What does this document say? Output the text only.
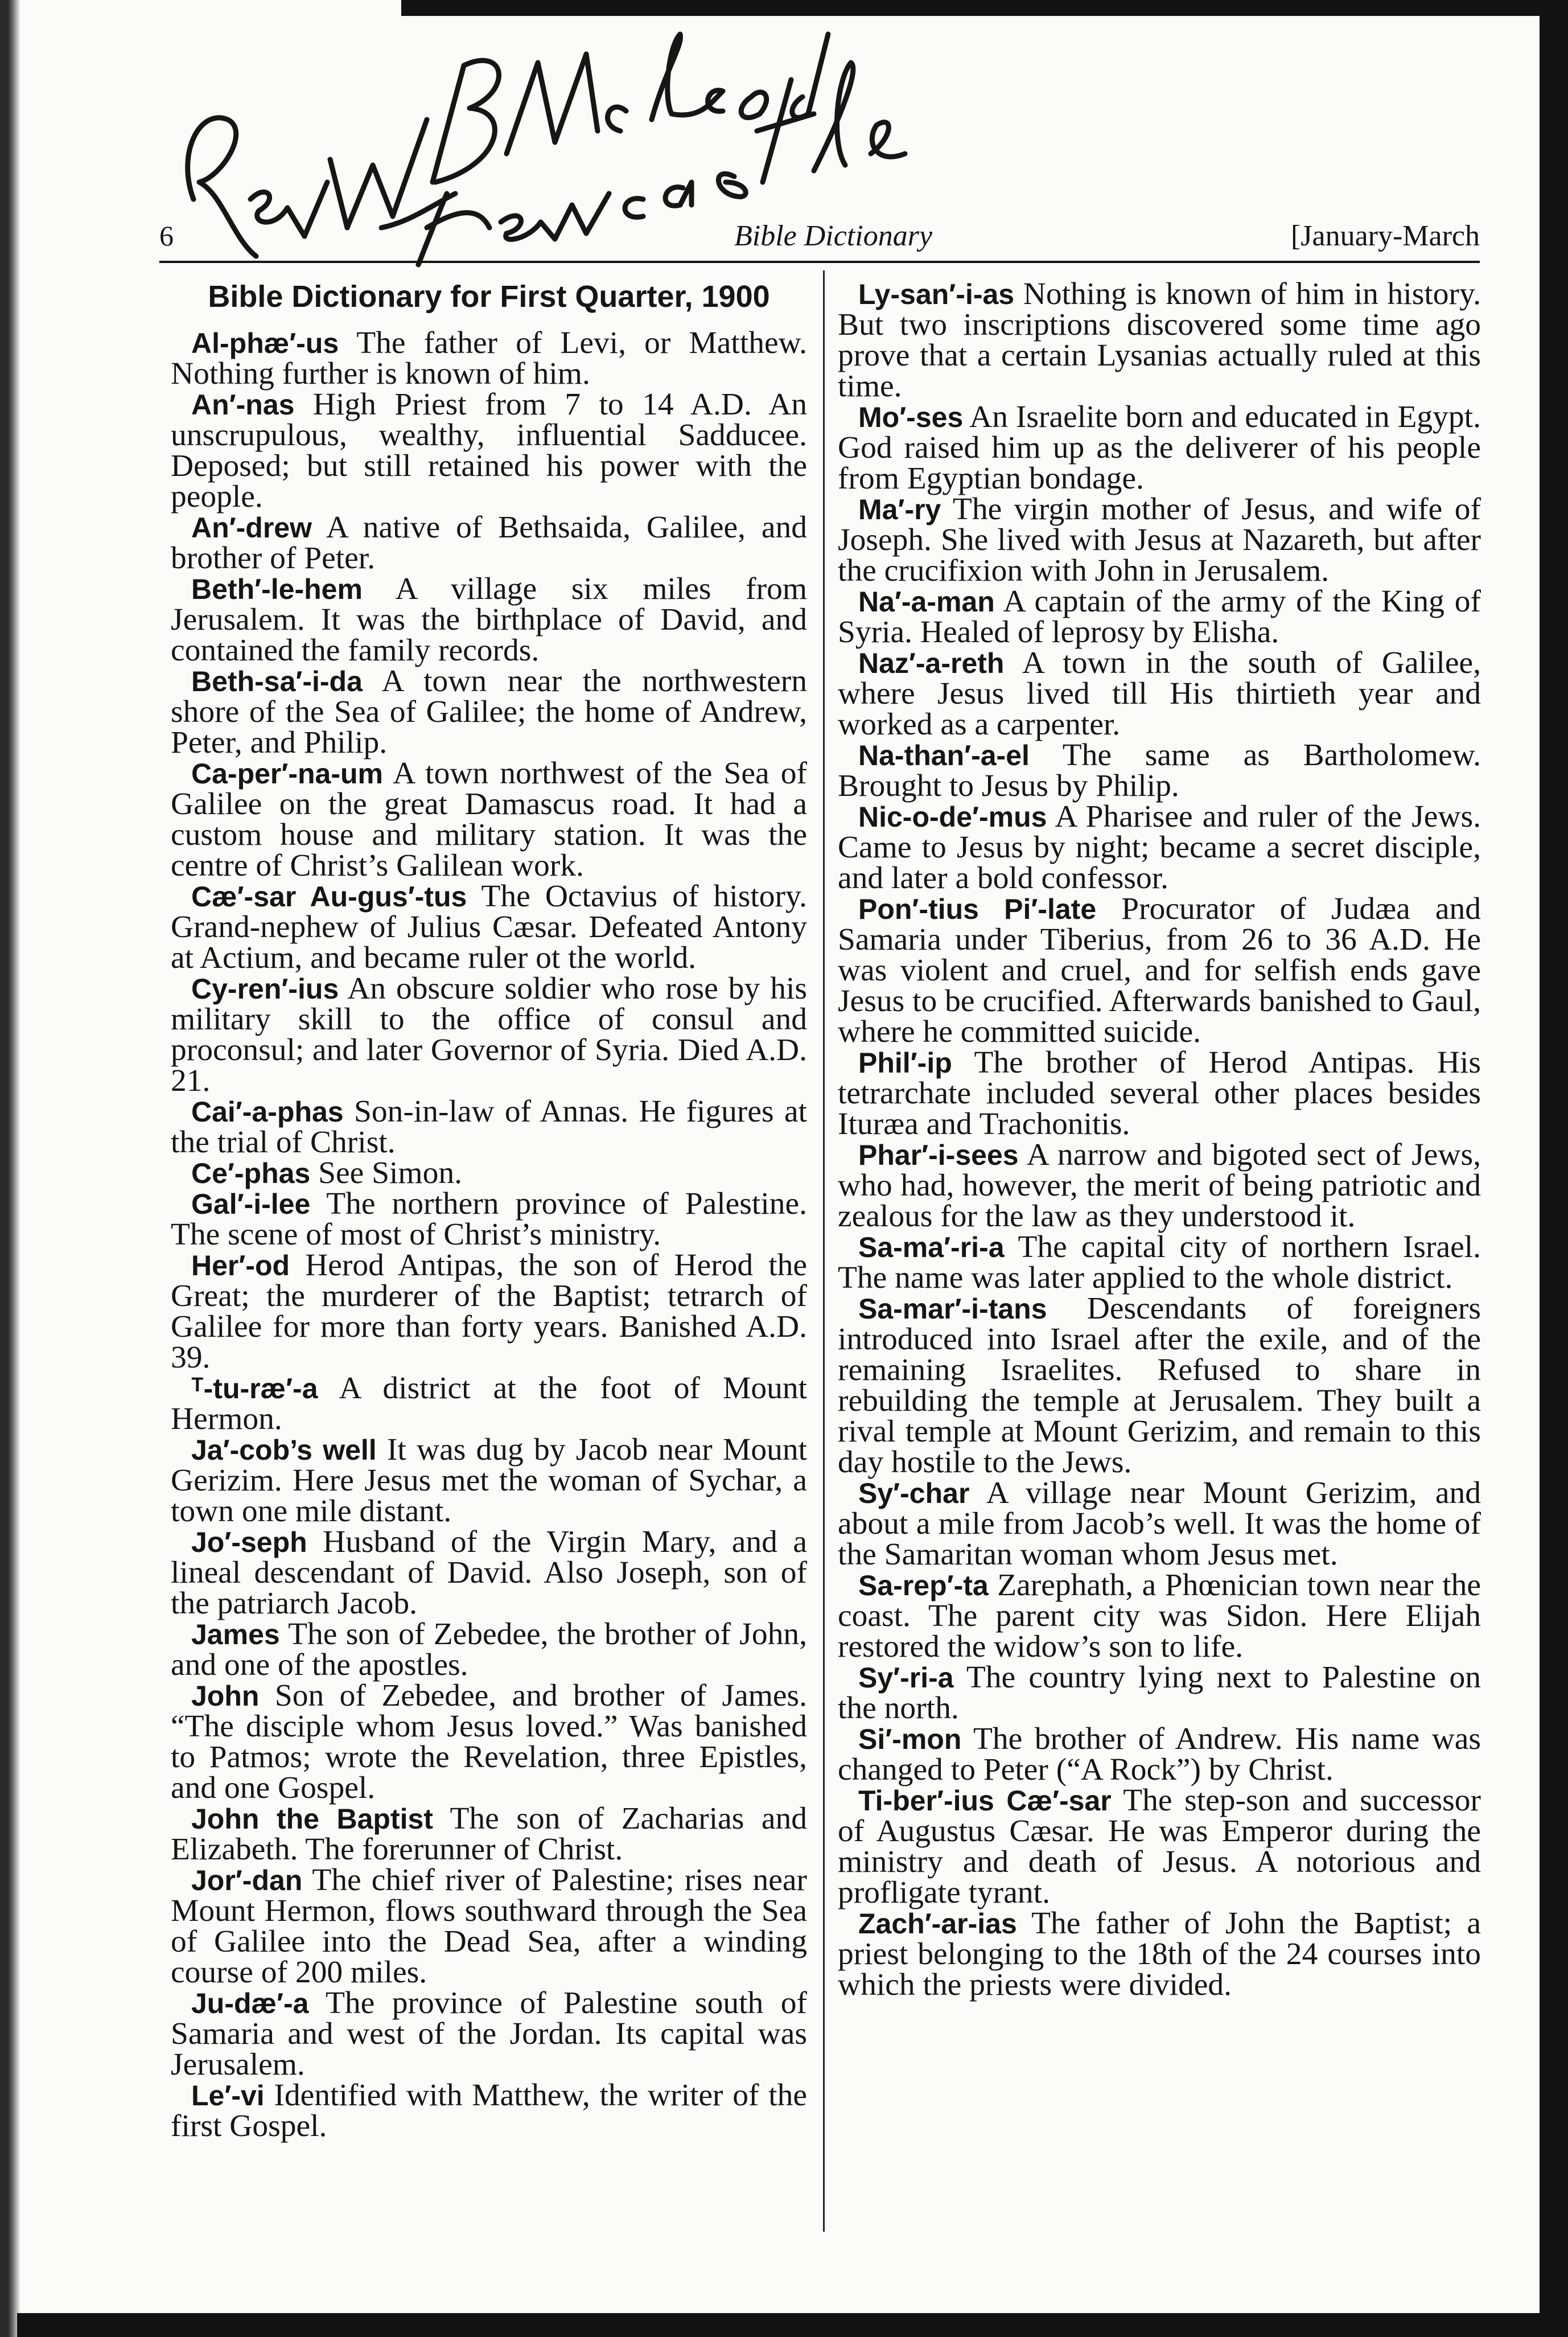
6	Bible Dictionary	[January-March
Bible Dictionary for First Quarter, 1900

Al-phæ′-us The father of Levi, or Matthew. Nothing further is known of him.

An′-nas High Priest from 7 to 14 A.D. An unscrupulous, wealthy, influential Sadducee. Deposed; but still retained his power with the people.

An′-drew A native of Bethsaida, Galilee, and brother of Peter.

Beth′-le-hem A village six miles from Jerusalem. It was the birthplace of David, and contained the family records.

Beth-sa′-i-da A town near the northwestern shore of the Sea of Galilee; the home of Andrew, Peter, and Philip.

Ca-per′-na-um A town northwest of the Sea of Galilee on the great Damascus road. It had a custom house and military station. It was the centre of Christ’s Galilean work.

Cæ′-sar Au-gus′-tus The Octavius of history. Grand-nephew of Julius Cæsar. Defeated Antony at Actium, and became ruler ot the world.

Cy-ren′-ius An obscure soldier who rose by his military skill to the office of consul and proconsul; and later Governor of Syria. Died A.D. 21.

Cai′-a-phas Son-in-law of Annas. He figures at the trial of Christ.

Ce′-phas See Simon.

Gal′-i-lee The northern province of Palestine. The scene of most of Christ’s ministry.

Her′-od Herod Antipas, the son of Herod the Great; the murderer of the Baptist; tetrarch of Galilee for more than forty years. Banished A.D. 39.

ᵀ-tu-ræ′-a A district at the foot of Mount Hermon.

Ja′-cob’s well It was dug by Jacob near Mount Gerizim. Here Jesus met the woman of Sychar, a town one mile distant.

Jo′-seph Husband of the Virgin Mary, and a lineal descendant of David. Also Joseph, son of the patriarch Jacob.

James The son of Zebedee, the brother of John, and one of the apostles.

John Son of Zebedee, and brother of James. “The disciple whom Jesus loved.” Was banished to Patmos; wrote the Revelation, three Epistles, and one Gospel.

John the Baptist The son of Zacharias and Elizabeth. The forerunner of Christ.

Jor′-dan The chief river of Palestine; rises near Mount Hermon, flows southward through the Sea of Galilee into the Dead Sea, after a winding course of 200 miles.

Ju-dæ′-a The province of Palestine south of Samaria and west of the Jordan. Its capital was Jerusalem.

Le′-vi Identified with Matthew, the writer of the first Gospel.

Ly-san′-i-as Nothing is known of him in history. But two inscriptions discovered some time ago prove that a certain Lysanias actually ruled at this time.

Mo′-ses An Israelite born and educated in Egypt. God raised him up as the deliverer of his people from Egyptian bondage.

Ma′-ry The virgin mother of Jesus, and wife of Joseph. She lived with Jesus at Nazareth, but after the crucifixion with John in Jerusalem.

Na′-a-man A captain of the army of the King of Syria. Healed of leprosy by Elisha.

Naz′-a-reth A town in the south of Galilee, where Jesus lived till His thirtieth year and worked as a carpenter.

Na-than′-a-el The same as Bartholomew. Brought to Jesus by Philip.

Nic-o-de′-mus A Pharisee and ruler of the Jews. Came to Jesus by night; became a secret disciple, and later a bold confessor.

Pon′-tius Pi′-late Procurator of Judæa and Samaria under Tiberius, from 26 to 36 A.D. He was violent and cruel, and for selfish ends gave Jesus to be crucified. Afterwards banished to Gaul, where he committed suicide.

Phil′-ip The brother of Herod Antipas. His tetrarchate included several other places besides Ituræa and Trachonitis.

Phar′-i-sees A narrow and bigoted sect of Jews, who had, however, the merit of being patriotic and zealous for the law as they understood it.

Sa-ma′-ri-a The capital city of northern Israel. The name was later applied to the whole district.

Sa-mar′-i-tans Descendants of foreigners introduced into Israel after the exile, and of the remaining Israelites. Refused to share in rebuilding the temple at Jerusalem. They built a rival temple at Mount Gerizim, and remain to this day hostile to the Jews.

Sy′-char A village near Mount Gerizim, and about a mile from Jacob’s well. It was the home of the Samaritan woman whom Jesus met.

Sa-rep′-ta Zarephath, a Phœnician town near the coast. The parent city was Sidon. Here Elijah restored the widow’s son to life.

Sy′-ri-a The country lying next to Palestine on the north.

Si′-mon The brother of Andrew. His name was changed to Peter (“A Rock”) by Christ.

Ti-ber′-ius Cæ′-sar The step-son and successor of Augustus Cæsar. He was Emperor during the ministry and death of Jesus. A notorious and profligate tyrant.

Zach′-ar-ias The father of John the Baptist; a priest belonging to the 18th of the 24 courses into which the priests were divided.
